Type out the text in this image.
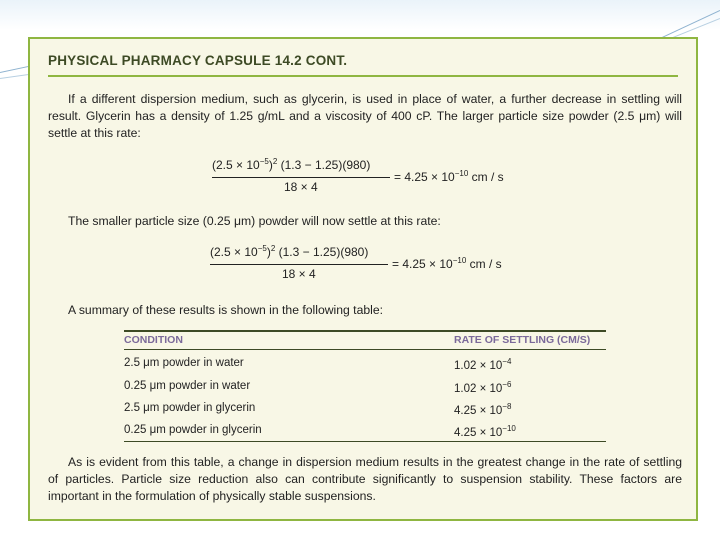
PHYSICAL PHARMACY CAPSULE 14.2 CONT.
If a different dispersion medium, such as glycerin, is used in place of water, a further decrease in settling will result. Glycerin has a density of 1.25 g/mL and a viscosity of 400 cP. The larger particle size powder (2.5 μm) will settle at this rate:
$(2.5 \times 10^{-5})^2$ (1.3 − 1.25)(980)
18 × 4
= $4.25 \times 10^{-10}$ cm / s
The smaller particle size (0.25 μm) powder will now settle at this rate:
$(2.5 \times 10^{-5})^2$ (1.3 − 1.25)(980)
18 × 4
= $4.25 \times 10^{-10}$ cm / s
A summary of these results is shown in the following table:
CONDITION	RATE OF SETTLING (CM/S)
2.5 μm powder in water	$1.02 \times 10^{-4}$
0.25 μm powder in water	$1.02 \times 10^{-6}$
2.5 μm powder in glycerin	$4.25 \times 10^{-8}$
0.25 μm powder in glycerin	$4.25 \times 10^{-10}$
As is evident from this table, a change in dispersion medium results in the greatest change in the rate of settling of particles. Particle size reduction also can contribute significantly to suspension stability. These factors are important in the formulation of physically stable suspensions.
